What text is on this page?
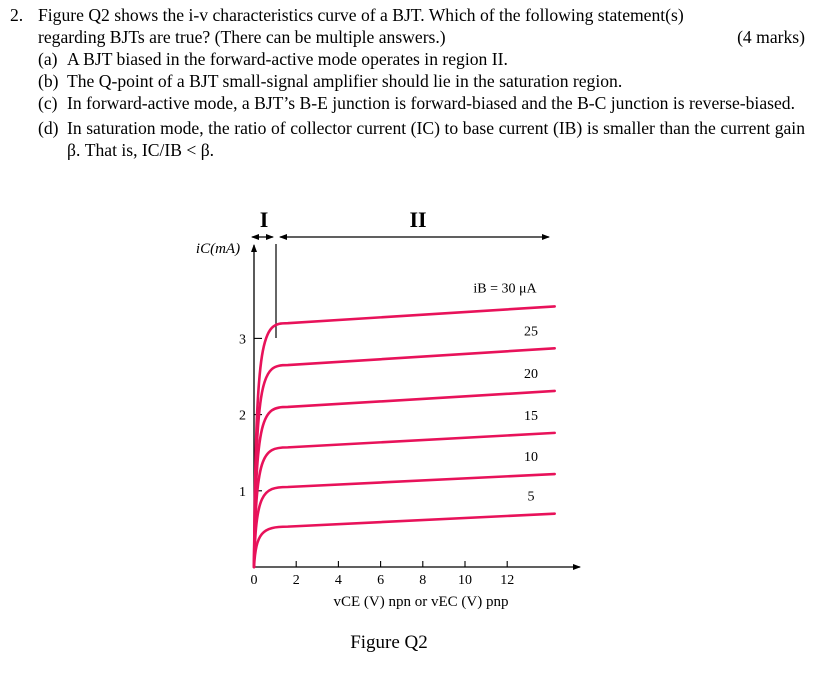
2. Figure Q2 shows the i-v characteristics curve of a BJT. Which of the following statement(s)
regarding BJTs are true? (There can be multiple answers.)	(4 marks)
(a) A BJT biased in the forward-active mode operates in region II.
(b) The Q-point of a BJT small-signal amplifier should lie in the saturation region.
(c) In forward-active mode, a BJT’s B-E junction is forward-biased and the B-C junction is reverse-biased.
(d) In saturation mode, the ratio of collector current (IC) to base current (IB) is smaller than the current gain β. That is, IC/IB < β.
I	II
iC(mA)
vCE (V) npn or vEC (V) pnp
0	2	4	6	8 10 12
1
2
3
5
10
15
20
25
iB = 30 μA
Figure Q2
